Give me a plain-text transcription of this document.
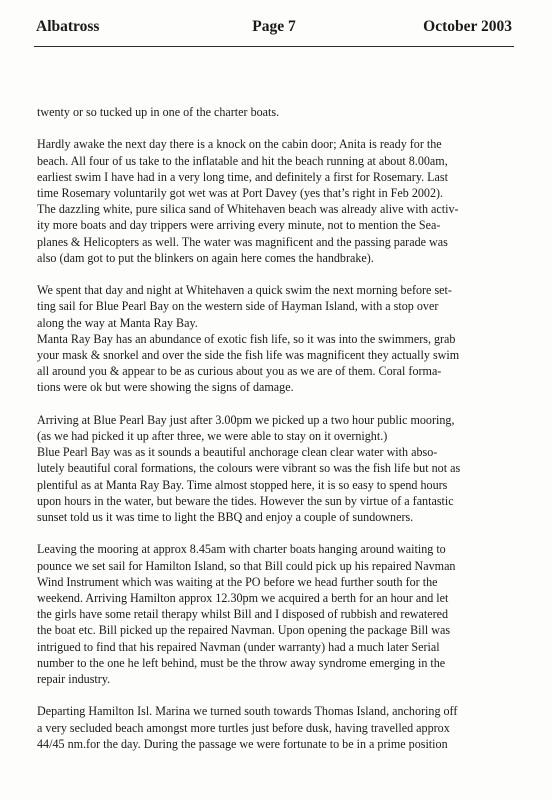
Albatross	Page 7	October 2003

twenty or so tucked up in one of the charter boats.

Hardly awake the next day there is a knock on the cabin door; Anita is ready for the
beach. All four of us take to the inflatable and hit the beach running at about 8.00am,
earliest swim I have had in a very long time, and definitely a first for Rosemary. Last
time Rosemary voluntarily got wet was at Port Davey (yes that’s right in Feb 2002).
The dazzling white, pure silica sand of Whitehaven beach was already alive with activ-
ity more boats and day trippers were arriving every minute, not to mention the Sea-
planes & Helicopters as well. The water was magnificent and the passing parade was
also (dam got to put the blinkers on again here comes the handbrake).

We spent that day and night at Whitehaven a quick swim the next morning before set-
ting sail for Blue Pearl Bay on the western side of Hayman Island, with a stop over
along the way at Manta Ray Bay.
Manta Ray Bay has an abundance of exotic fish life, so it was into the swimmers, grab
your mask & snorkel and over the side the fish life was magnificent they actually swim
all around you & appear to be as curious about you as we are of them. Coral forma-
tions were ok but were showing the signs of damage.

Arriving at Blue Pearl Bay just after 3.00pm we picked up a two hour public mooring,
(as we had picked it up after three, we were able to stay on it overnight.)
Blue Pearl Bay was as it sounds a beautiful anchorage clean clear water with abso-
lutely beautiful coral formations, the colours were vibrant so was the fish life but not as
plentiful as at Manta Ray Bay. Time almost stopped here, it is so easy to spend hours
upon hours in the water, but beware the tides. However the sun by virtue of a fantastic
sunset told us it was time to light the BBQ and enjoy a couple of sundowners.

Leaving the mooring at approx 8.45am with charter boats hanging around waiting to
pounce we set sail for Hamilton Island, so that Bill could pick up his repaired Navman
Wind Instrument which was waiting at the PO before we head further south for the
weekend. Arriving Hamilton approx 12.30pm we acquired a berth for an hour and let
the girls have some retail therapy whilst Bill and I disposed of rubbish and rewatered
the boat etc. Bill picked up the repaired Navman. Upon opening the package Bill was
intrigued to find that his repaired Navman (under warranty) had a much later Serial
number to the one he left behind, must be the throw away syndrome emerging in the
repair industry.

Departing Hamilton Isl. Marina we turned south towards Thomas Island, anchoring off
a very secluded beach amongst more turtles just before dusk, having travelled approx
44/45 nm.for the day. During the passage we were fortunate to be in a prime position
